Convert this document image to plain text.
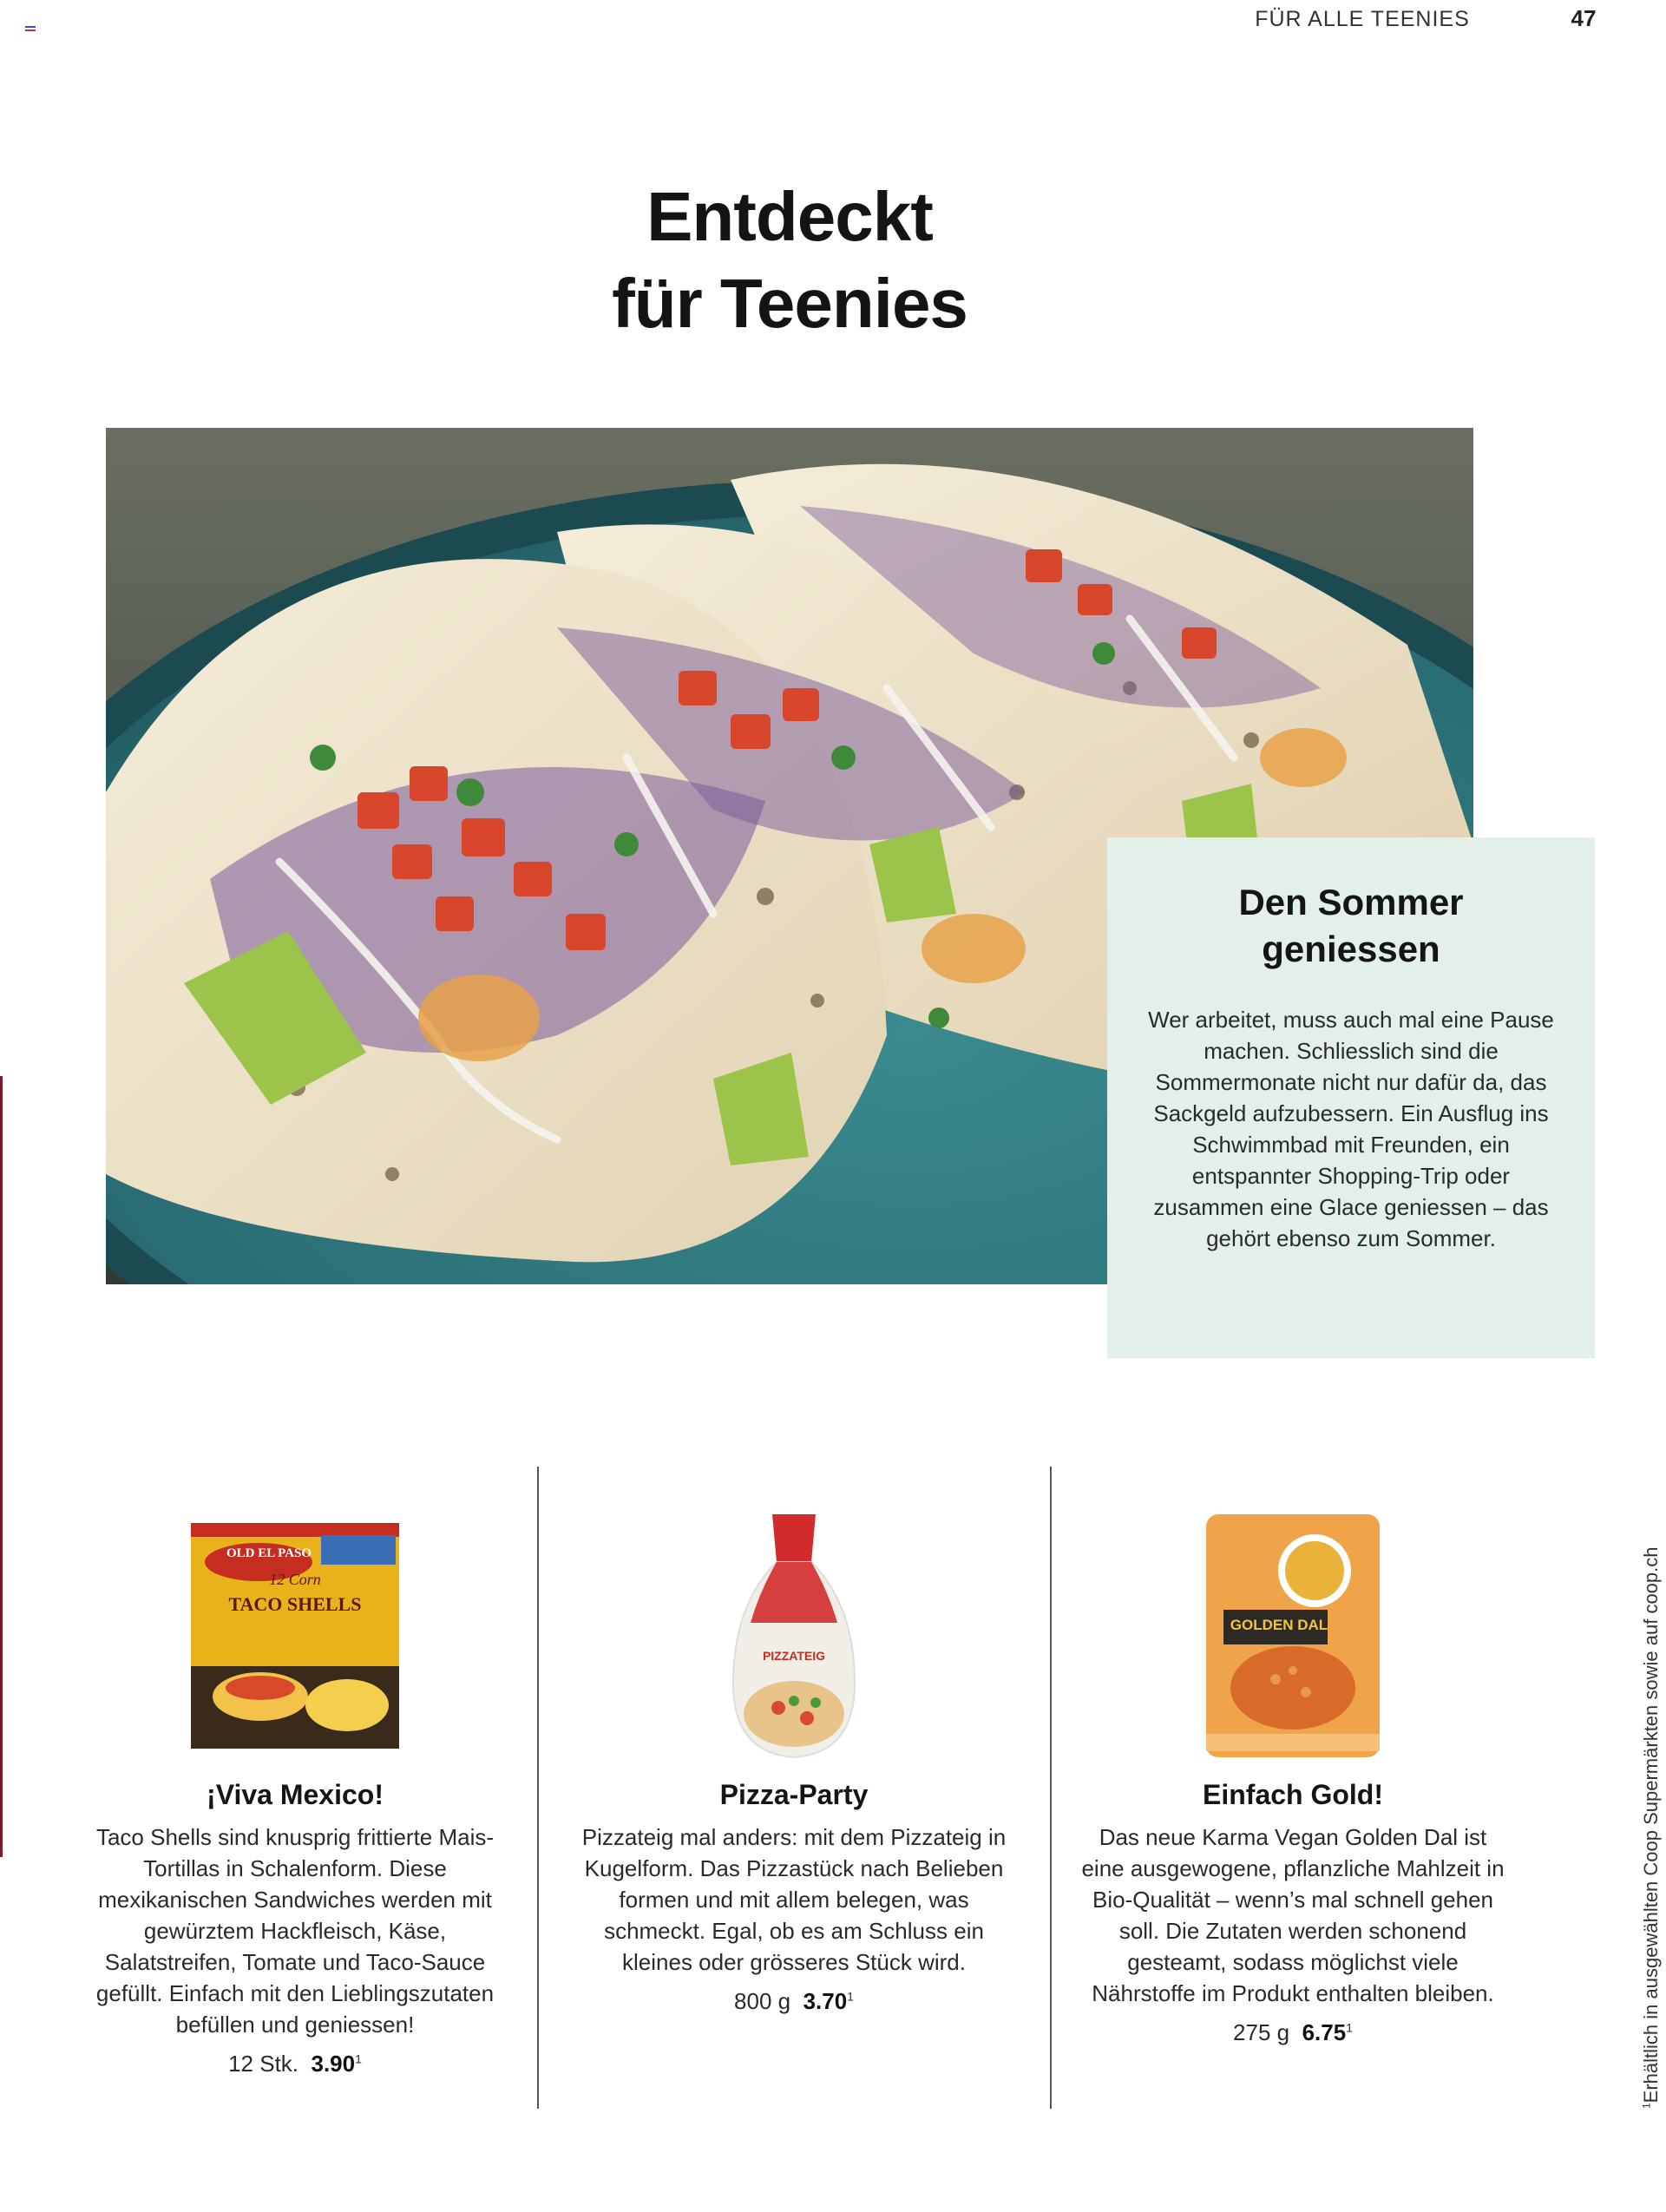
FÜR ALLE TEENIES	47
Entdeckt
für Teenies
Den Sommer
geniessen

Wer arbeitet, muss auch mal eine Pause machen. Schliesslich sind die Sommermonate nicht nur dafür da, das Sackgeld aufzubessern. Ein Ausflug ins Schwimmbad mit Freunden, ein entspannter Shopping-Trip oder zusammen eine Glace geniessen – das gehört ebenso zum Sommer.

OLD EL PASO
12 Corn
TACO SHELLS
¡Viva Mexico!

Taco Shells sind knusprig frittierte Mais-Tortillas in Schalenform. Diese mexikanischen Sandwiches werden mit gewürztem Hackfleisch, Käse, Salatstreifen, Tomate und Taco-Sauce gefüllt. Einfach mit den Lieblingszutaten befüllen und geniessen!

12 Stk. 3.90$^1$
PIZZATEIG
Pizza-Party

Pizzateig mal anders: mit dem Pizzateig in Kugelform. Das Pizzastück nach Belieben formen und mit allem belegen, was schmeckt. Egal, ob es am Schluss ein kleines oder grösseres Stück wird.

800 g 3.70$^1$
GOLDEN DAL
Einfach Gold!

Das neue Karma Vegan Golden Dal ist eine ausgewogene, pflanzliche Mahlzeit in Bio-Qualität – wenn’s mal schnell gehen soll. Die Zutaten werden schonend gesteamt, sodass möglichst viele Nährstoffe im Produkt enthalten bleiben.

275 g 6.75$^1$
$^1$Erhältlich in ausgewählten Coop Supermärkten sowie auf coop.ch
